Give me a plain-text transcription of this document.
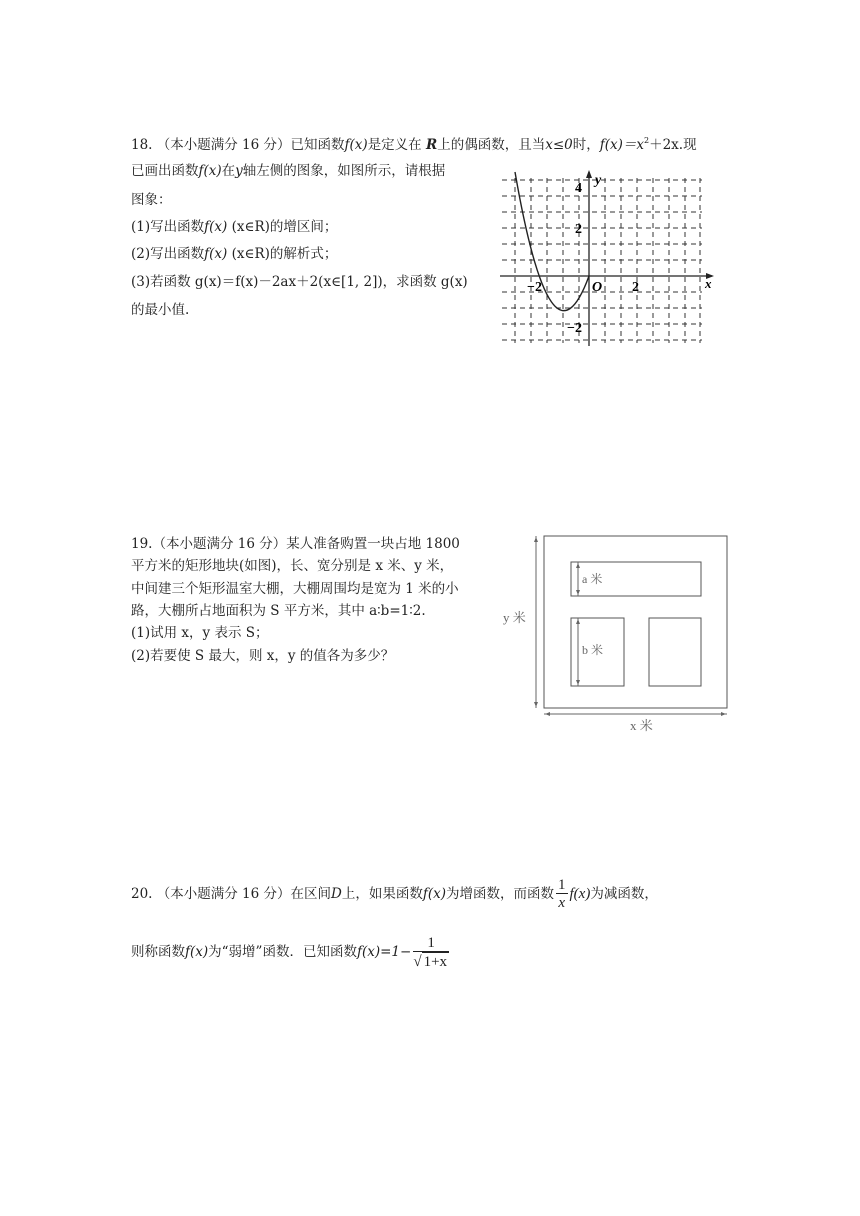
18. （本小题满分 16 分）已知函数f(x)是定义在 R上的偶函数，且当x≤0时，$f(x)=x^2+2x$.现
已画出函数f(x)在y轴左侧的图象，如图所示，请根据
图象：
(1)写出函数f(x) (x∈R)的增区间；
(2)写出函数f(x) (x∈R)的解析式；
(3)若函数 g(x)＝f(x)－2ax＋2(x∈[1, 2])，求函数 g(x)
的最小值.
y
x
O
4
2
−2	2
−2
19.（本小题满分 16 分）某人准备购置一块占地 1800
平方米的矩形地块(如图)，长、宽分别是 x 米、y 米，
中间建三个矩形温室大棚，大棚周围均是宽为 1 米的小
路，大棚所占地面积为 S 平方米，其中 a∶b=1∶2.
(1)试用 x，y 表示 S；
(2)若要使 S 最大，则 x，y 的值各为多少？
a 米
b 米
y 米
x 米
20. （本小题满分 16 分）在区间D上，如果函数f(x)为增函数，而函数 $\frac{1}{x} f(x)$为减函数，
则称函数f(x)为“弱增”函数．已知函数$f(x)=1- \frac{1}{√ 1+x}$
